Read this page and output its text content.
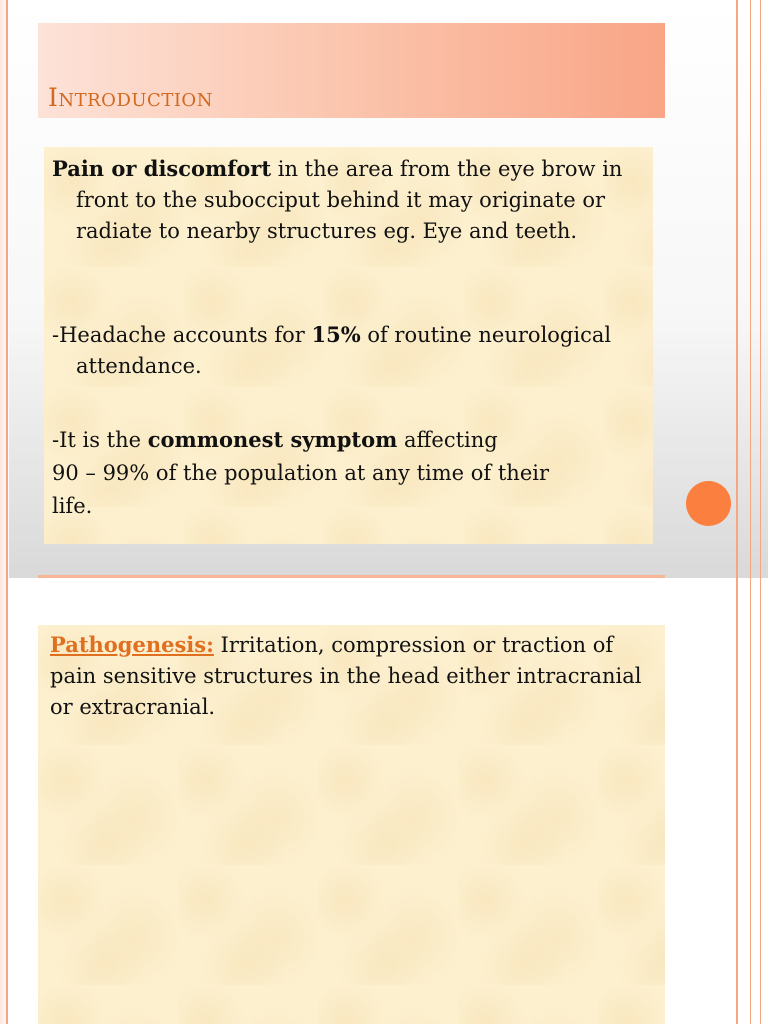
Introduction

Pain or discomfort in the area from the eye brow in front to the subocciput behind it may originate or radiate to nearby structures eg. Eye and teeth.

-Headache accounts for 15% of routine neurological attendance.

-It is the commonest symptom affecting

90 – 99% of the population at any time of their

life.

Pathogenesis: Irritation, compression or traction of pain sensitive structures in the head either intracranial or extracranial.
